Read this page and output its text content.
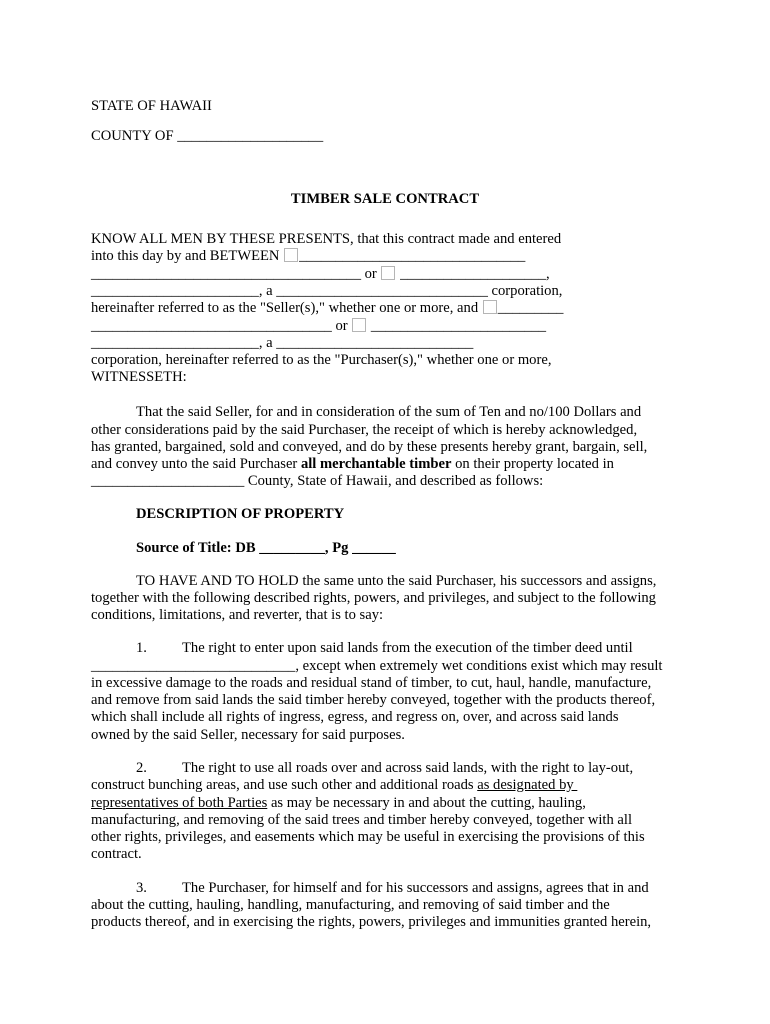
STATE OF HAWAII
COUNTY OF ____________________
TIMBER SALE CONTRACT
KNOW ALL MEN BY THESE PRESENTS, that this contract made and entered
into this day by and BETWEEN _______________________________
_____________________________________ or  ____________________,
_______________________, a _____________________________ corporation,
hereinafter referred to as the "Seller(s)," whether one or more, and _________
_________________________________ or  ________________________
_______________________, a ___________________________
corporation, hereinafter referred to as the "Purchaser(s)," whether one or more,
WITNESSETH:
That the said Seller, for and in consideration of the sum of Ten and no/100 Dollars and
other considerations paid by the said Purchaser, the receipt of which is hereby acknowledged,
has granted, bargained, sold and conveyed, and do by these presents hereby grant, bargain, sell,
and convey unto the said Purchaser all merchantable timber on their property located in
_____________________ County, State of Hawaii, and described as follows:
DESCRIPTION OF PROPERTY
Source of Title: DB _________, Pg ______
TO HAVE AND TO HOLD the same unto the said Purchaser, his successors and assigns,
together with the following described rights, powers, and privileges, and subject to the following
conditions, limitations, and reverter, that is to say:
1. The right to enter upon said lands from the execution of the timber deed until
____________________________, except when extremely wet conditions exist which may result
in excessive damage to the roads and residual stand of timber, to cut, haul, handle, manufacture,
and remove from said lands the said timber hereby conveyed, together with the products thereof,
which shall include all rights of ingress, egress, and regress on, over, and across said lands
owned by the said Seller, necessary for said purposes.
2. The right to use all roads over and across said lands, with the right to lay-out,
construct bunching areas, and use such other and additional roads as designated by
representatives of both Parties as may be necessary in and about the cutting, hauling,
manufacturing, and removing of the said trees and timber hereby conveyed, together with all
other rights, privileges, and easements which may be useful in exercising the provisions of this
contract.
3. The Purchaser, for himself and for his successors and assigns, agrees that in and
about the cutting, hauling, handling, manufacturing, and removing of said timber and the
products thereof, and in exercising the rights, powers, privileges and immunities granted herein,
